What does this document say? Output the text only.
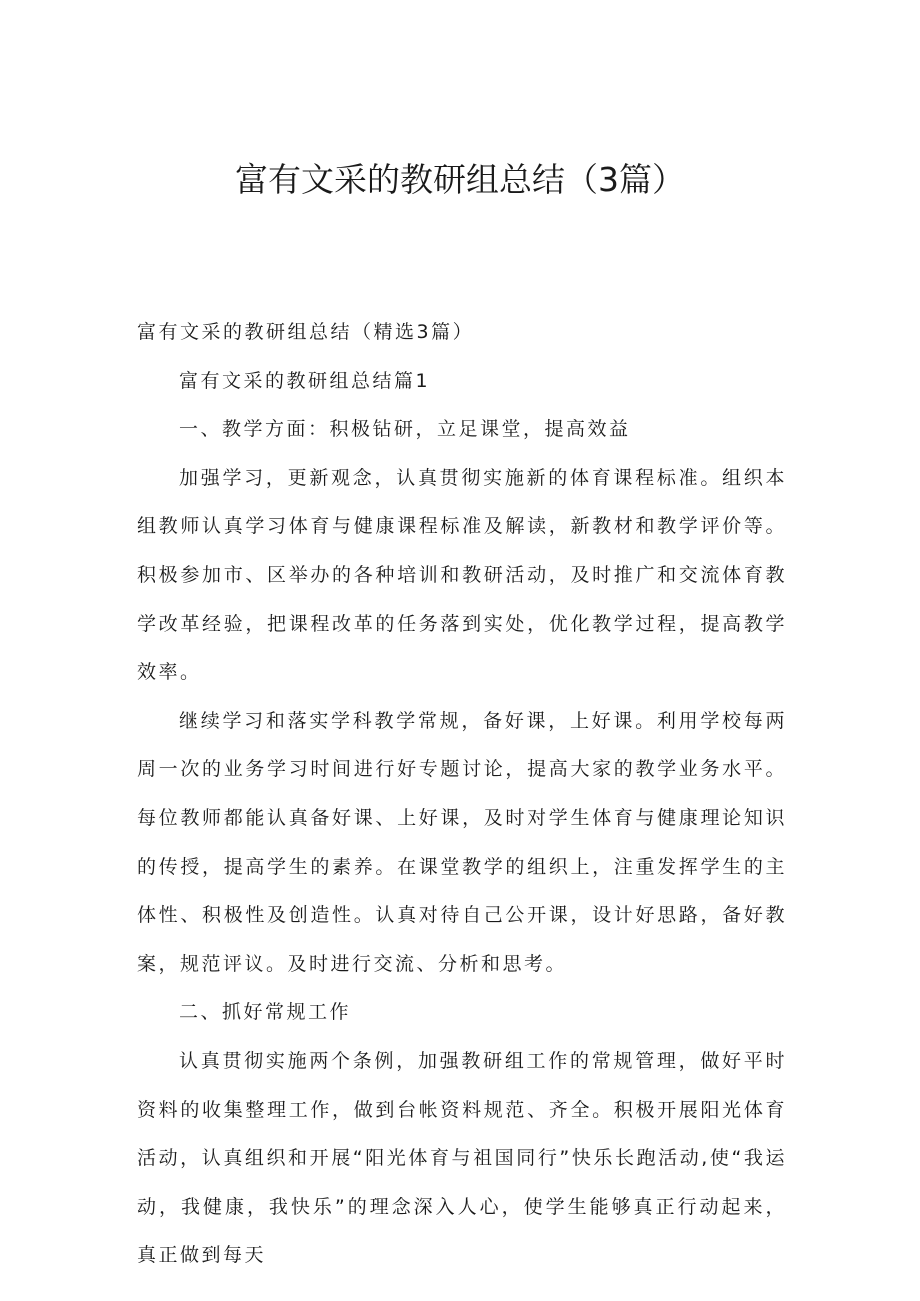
富有文采的教研组总结（3篇）

富有文采的教研组总结（精选3篇）

富有文采的教研组总结篇1

一、教学方面：积极钻研，立足课堂，提高效益

加强学习，更新观念，认真贯彻实施新的体育课程标准。组织本组教师认真学习体育与健康课程标准及解读，新教材和教学评价等。积极参加市、区举办的各种培训和教研活动，及时推广和交流体育教学改革经验，把课程改革的任务落到实处，优化教学过程，提高教学效率。

继续学习和落实学科教学常规，备好课，上好课。利用学校每两周一次的业务学习时间进行好专题讨论，提高大家的教学业务水平。每位教师都能认真备好课、上好课，及时对学生体育与健康理论知识的传授，提高学生的素养。在课堂教学的组织上，注重发挥学生的主体性、积极性及创造性。认真对待自己公开课，设计好思路，备好教案，规范评议。及时进行交流、分析和思考。

二、抓好常规工作

认真贯彻实施两个条例，加强教研组工作的常规管理，做好平时资料的收集整理工作，做到台帐资料规范、齐全。积极开展阳光体育活动，认真组织和开展“阳光体育与祖国同行”快乐长跑活动,使“我运动，我健康，我快乐”的理念深入人心，使学生能够真正行动起来，真正做到每天
